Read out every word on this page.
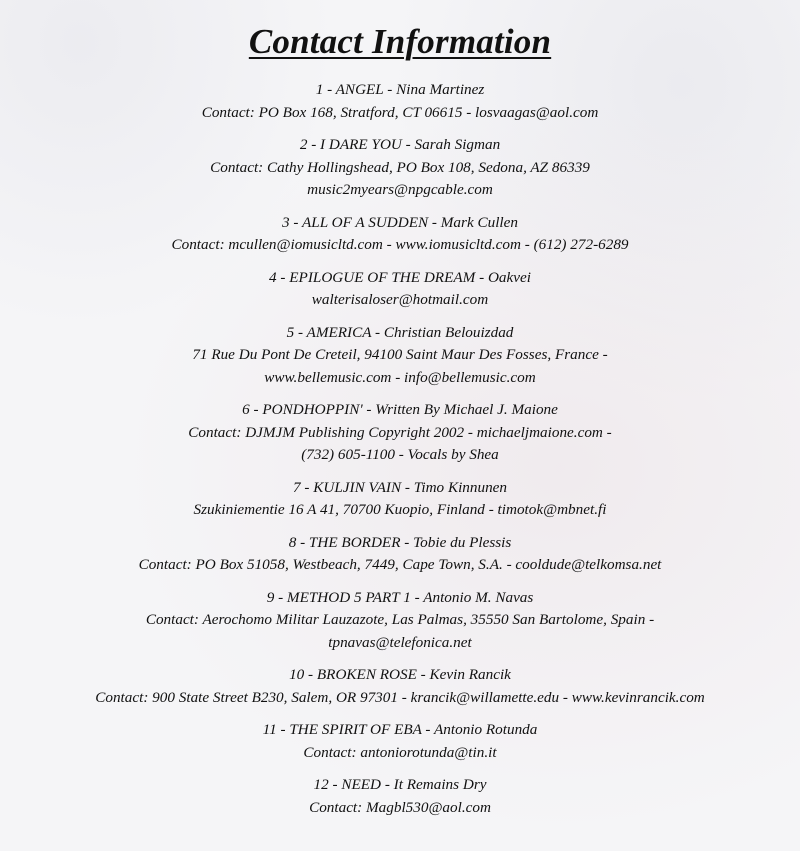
Contact Information
1 - ANGEL - Nina Martinez
Contact: PO Box 168, Stratford, CT 06615 - losvaagas@aol.com
2 - I DARE YOU - Sarah Sigman
Contact: Cathy Hollingshead, PO Box 108, Sedona, AZ 86339
music2myears@npgcable.com
3 - ALL OF A SUDDEN - Mark Cullen
Contact: mcullen@iomusicltd.com - www.iomusicltd.com - (612) 272-6289
4 - EPILOGUE OF THE DREAM - Oakvei
walterisaloser@hotmail.com
5 - AMERICA - Christian Belouizdad
71 Rue Du Pont De Creteil, 94100 Saint Maur Des Fosses, France -
www.bellemusic.com - info@bellemusic.com
6 - PONDHOPPIN' - Written By Michael J. Maione
Contact: DJMJM Publishing Copyright 2002 - michaeljmaione.com -
(732) 605-1100 - Vocals by Shea
7 - KULJIN VAIN - Timo Kinnunen
Szukiniementie 16 A 41, 70700 Kuopio, Finland - timotok@mbnet.fi
8 - THE BORDER - Tobie du Plessis
Contact: PO Box 51058, Westbeach, 7449, Cape Town, S.A. - cooldude@telkomsa.net
9 - METHOD 5 PART 1 - Antonio M. Navas
Contact: Aerochomo Militar Lauzazote, Las Palmas, 35550 San Bartolome, Spain -
tpnavas@telefonica.net
10 - BROKEN ROSE - Kevin Rancik
Contact: 900 State Street B230, Salem, OR 97301 - krancik@willamette.edu - www.kevinrancik.com
11 - THE SPIRIT OF EBA - Antonio Rotunda
Contact: antoniorotunda@tin.it
12 - NEED - It Remains Dry
Contact: Magbl530@aol.com
